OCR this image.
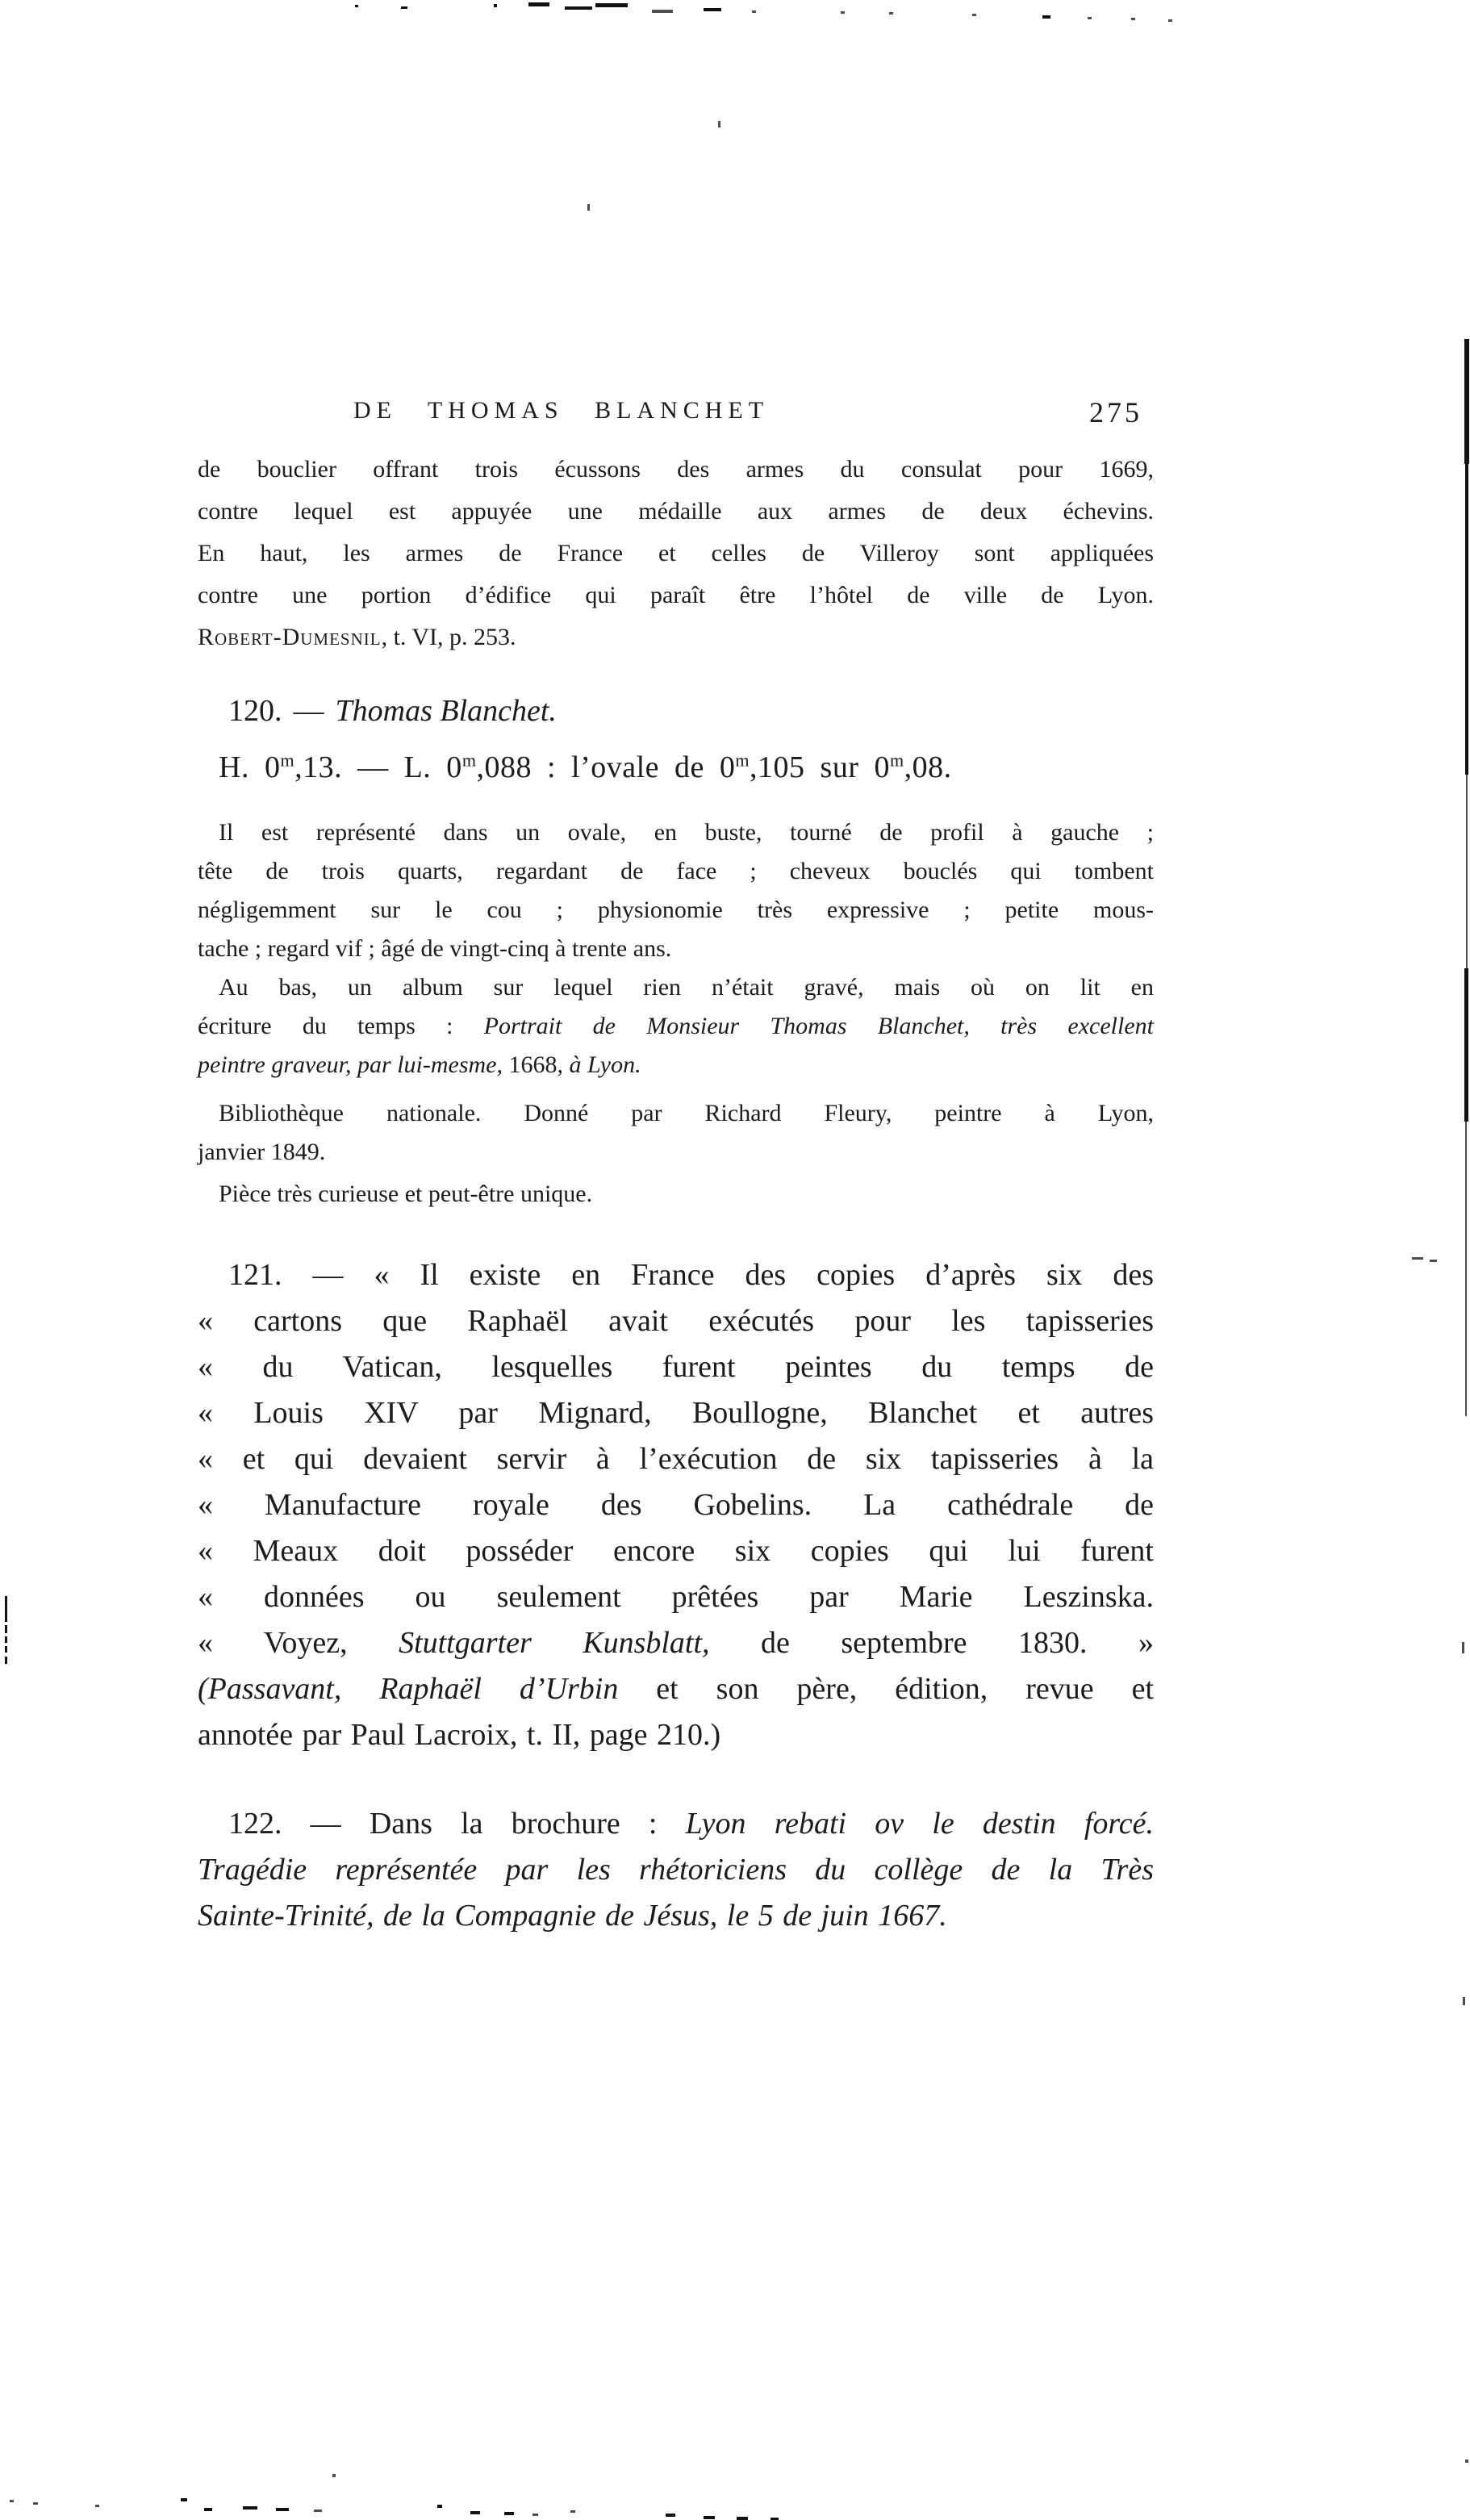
DE THOMAS BLANCHET	275
de bouclier offrant trois écussons des armes du consulat pour 1669,
contre lequel est appuyée une médaille aux armes de deux échevins.
En haut, les armes de France et celles de Villeroy sont appliquées
contre une portion d’édifice qui paraît être l’hôtel de ville de Lyon.
Robert-Dumesnil, t. VI, p. 253.
120. — Thomas Blanchet.
H. 0$^m$,13. — L. 0$^m$,088 : l’ovale de 0$^m$,105 sur 0$^m$,08.
Il est représenté dans un ovale, en buste, tourné de profil à gauche ;
tête de trois quarts, regardant de face ; cheveux bouclés qui tombent
négligemment sur le cou ; physionomie très expressive ; petite mous-
tache ; regard vif ; âgé de vingt-cinq à trente ans.
Au bas, un album sur lequel rien n’était gravé, mais où on lit en
écriture du temps : Portrait de Monsieur Thomas Blanchet, très excellent
peintre graveur, par lui-mesme, 1668, à Lyon.
Bibliothèque nationale. Donné par Richard Fleury, peintre à Lyon,
janvier 1849.
Pièce très curieuse et peut-être unique.
121. — « Il existe en France des copies d’après six des
« cartons que Raphaël avait exécutés pour les tapisseries
« du Vatican, lesquelles furent peintes du temps de
« Louis XIV par Mignard, Boullogne, Blanchet et autres
« et qui devaient servir à l’exécution de six tapisseries à la
« Manufacture royale des Gobelins. La cathédrale de
« Meaux doit posséder encore six copies qui lui furent
« données ou seulement prêtées par Marie Leszinska.
« Voyez, Stuttgarter Kunsblatt, de septembre 1830. »
(Passavant, Raphaël d’Urbin et son père, édition, revue et
annotée par Paul Lacroix, t. II, page 210.)
122. — Dans la brochure : Lyon rebati ov le destin forcé.
Tragédie représentée par les rhétoriciens du collège de la Très
Sainte-Trinité, de la Compagnie de Jésus, le 5 de juin 1667.
